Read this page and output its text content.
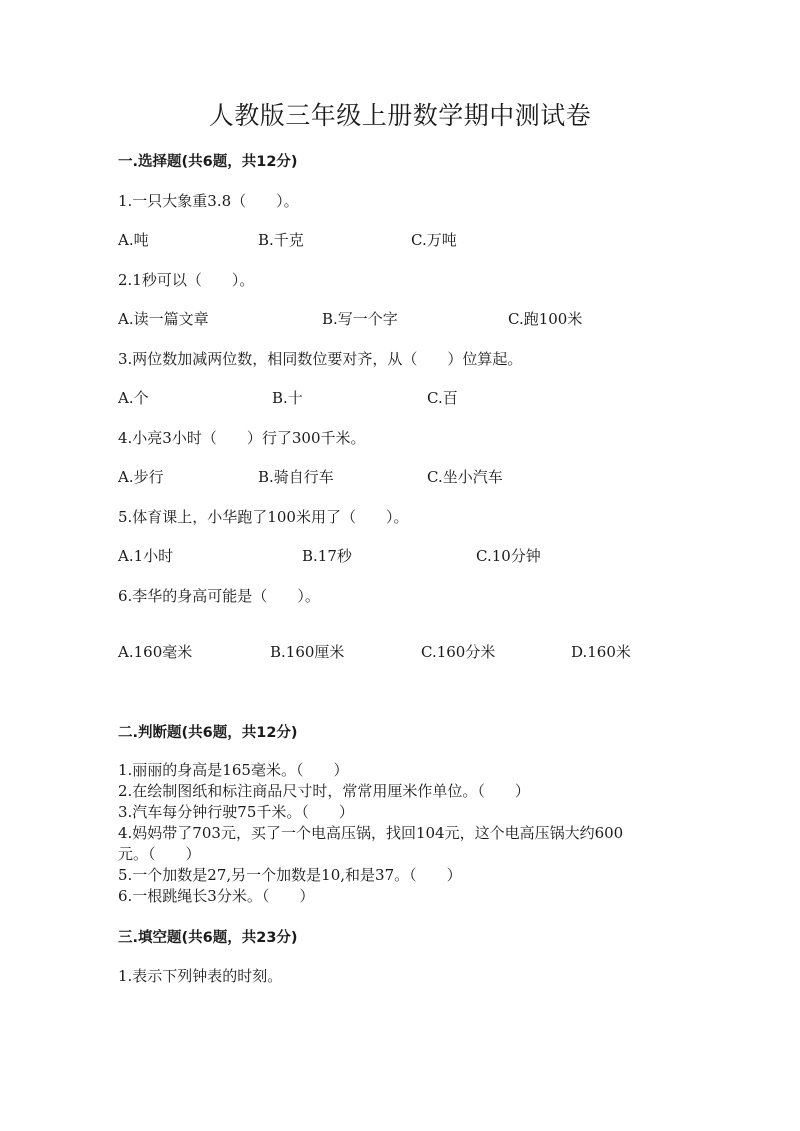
人教版三年级上册数学期中测试卷
一.选择题(共6题，共12分)
1.一只大象重3.8（　　）。
A.吨	B.千克	C.万吨
2.1秒可以（　　）。
A.读一篇文章	B.写一个字	C.跑100米
3.两位数加减两位数，相同数位要对齐，从（　　）位算起。
A.个	B.十	C.百
4.小亮3小时（　　）行了300千米。
A.步行	B.骑自行车	C.坐小汽车
5.体育课上，小华跑了100米用了（　　）。
A.1小时	B.17秒	C.10分钟
6.李华的身高可能是（　　）。
A.160毫米	B.160厘米	C.160分米	D.160米
二.判断题(共6题，共12分)
1.丽丽的身高是165毫米。（　　）
2.在绘制图纸和标注商品尺寸时，常常用厘米作单位。（　　）
3.汽车每分钟行驶75千米。（　　）
4.妈妈带了703元，买了一个电高压锅，找回104元，这个电高压锅大约600
元。（　　）
5.一个加数是27,另一个加数是10,和是37。（　　）
6.一根跳绳长3分米。（　　）
三.填空题(共6题，共23分)
1.表示下列钟表的时刻。
